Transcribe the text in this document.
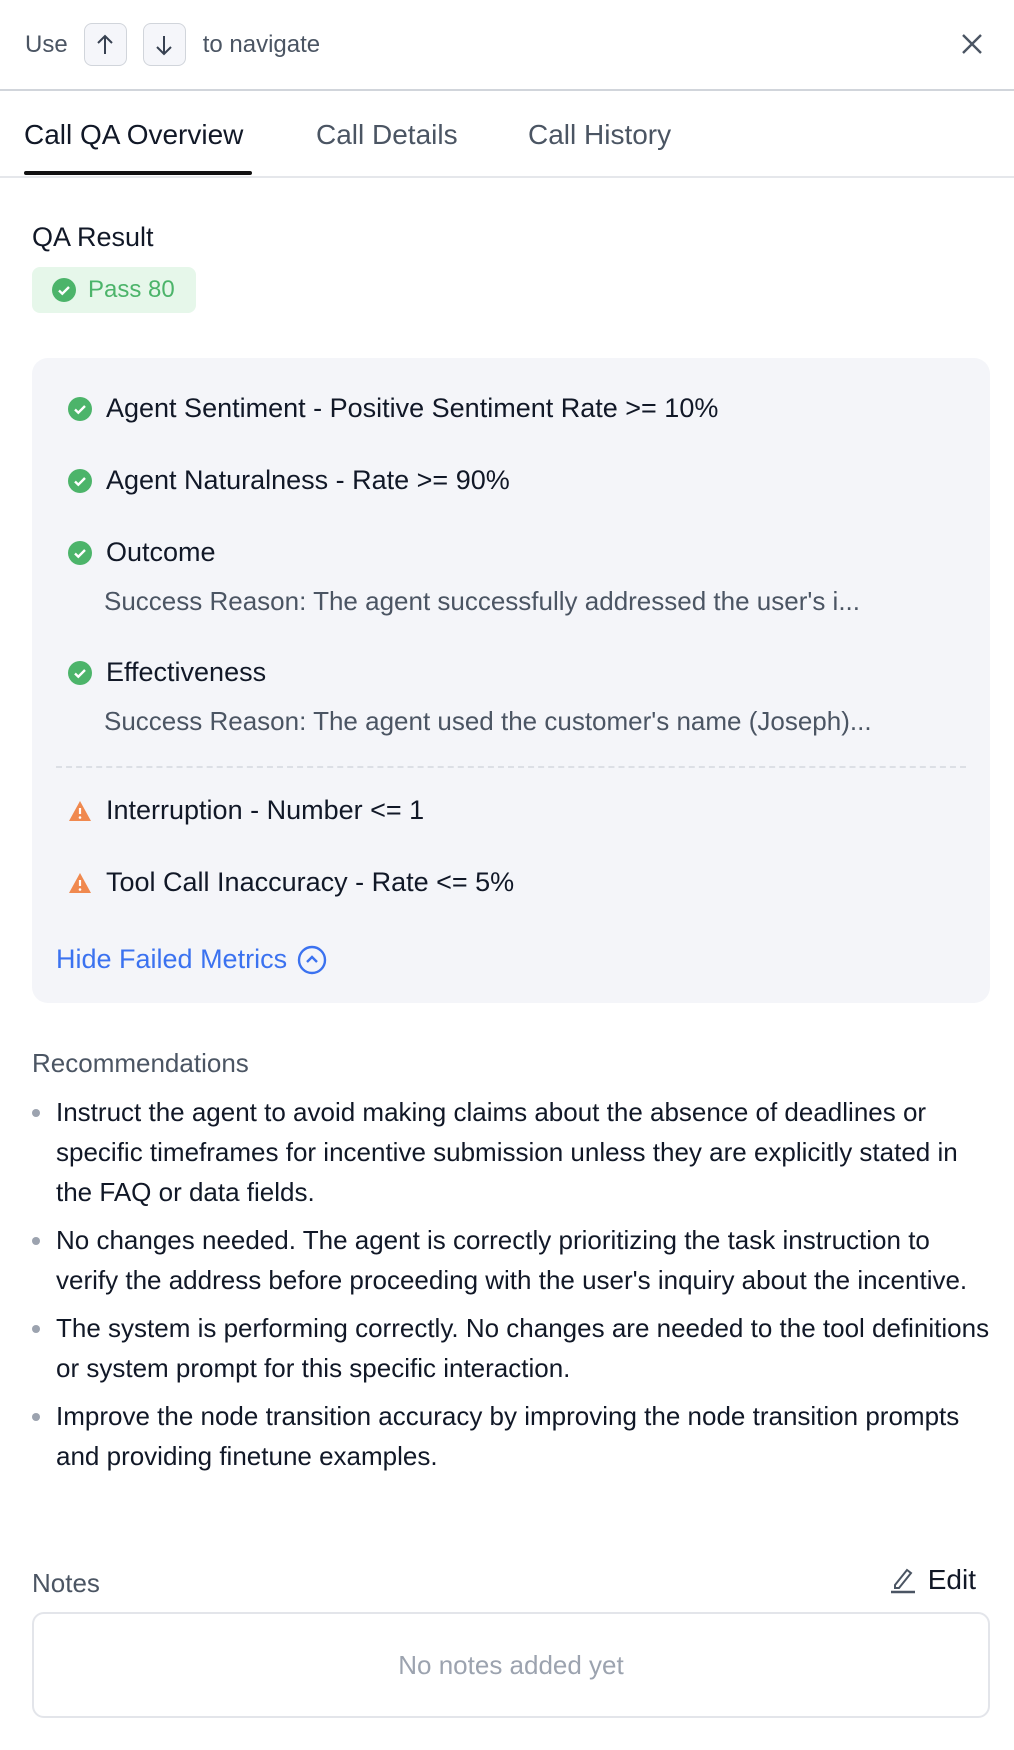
Use	to navigate
Call QA Overview	Call Details	Call History
QA Result
Pass 80
Agent Sentiment - Positive Sentiment Rate >= 10%
Agent Naturalness - Rate >= 90%
Outcome
Success Reason: The agent successfully addressed the user's i...
Effectiveness
Success Reason: The agent used the customer's name (Joseph)...
Interruption - Number <= 1
Tool Call Inaccuracy - Rate <= 5%
Hide Failed Metrics
Recommendations
Instruct the agent to avoid making claims about the absence of deadlines or specific timeframes for incentive submission unless they are explicitly stated in the FAQ or data fields.
No changes needed. The agent is correctly prioritizing the task instruction to verify the address before proceeding with the user's inquiry about the incentive.
The system is performing correctly. No changes are needed to the tool definitions or system prompt for this specific interaction.
Improve the node transition accuracy by improving the node transition prompts and providing finetune examples.
Notes	Edit
No notes added yet
